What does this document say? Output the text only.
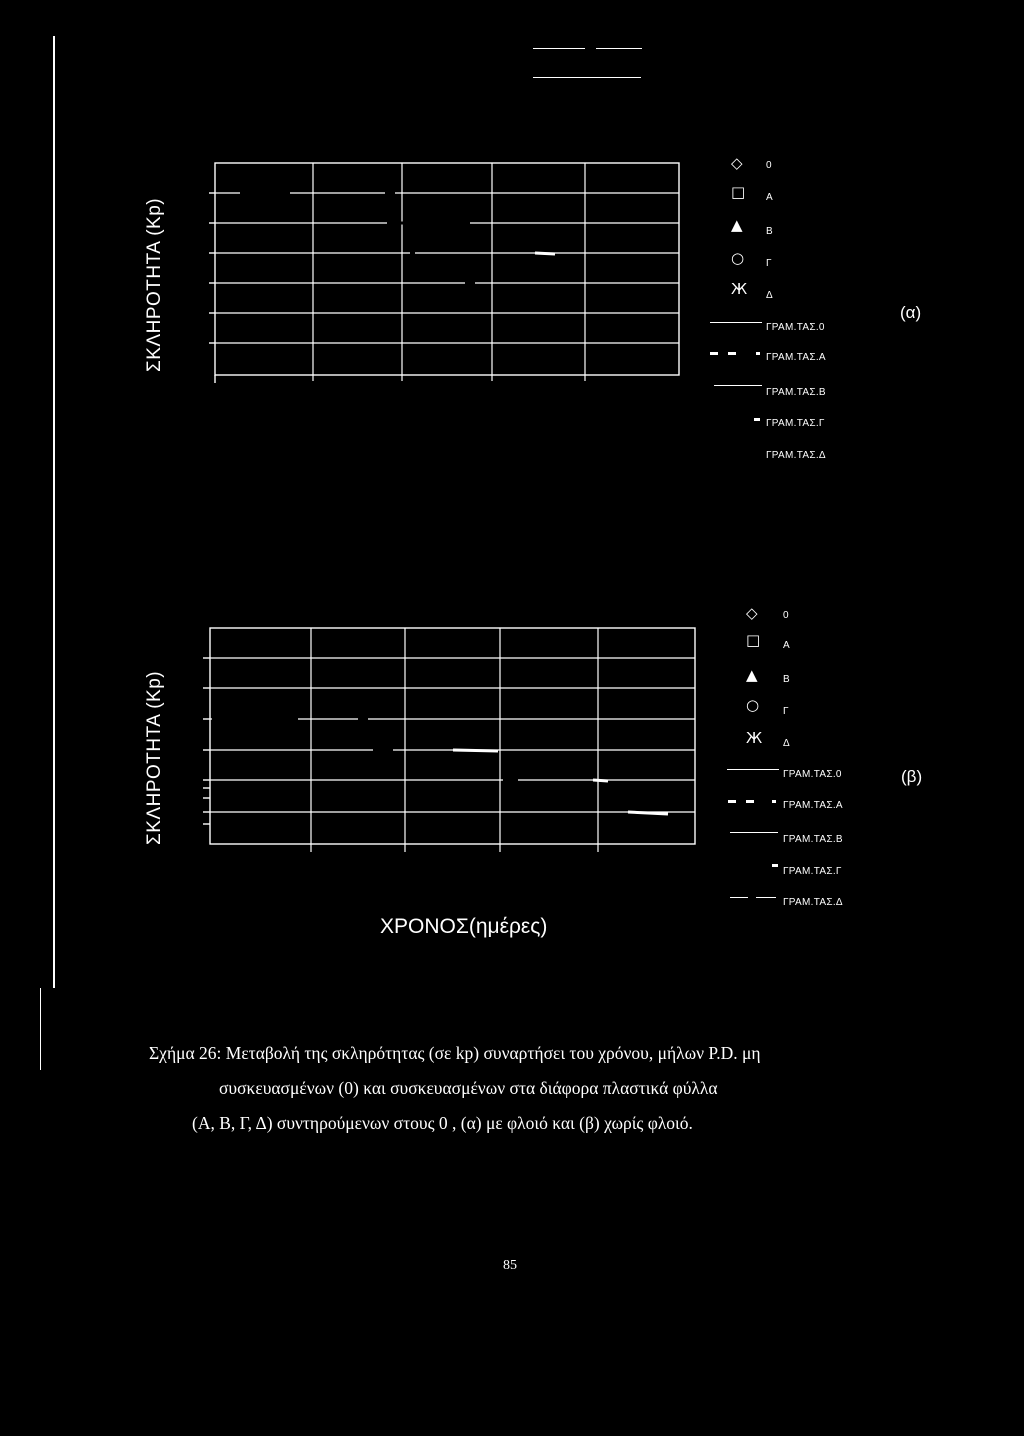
ΣΚΛΗΡΟΤΗΤΑ (Kp)	(α)
◇ 0
□ Α
▲ Β
○ Γ
Ж Δ
ΓΡΑΜ.ΤΑΣ.0
ΓΡΑΜ.ΤΑΣ.Α
ΓΡΑΜ.ΤΑΣ.Β
ΓΡΑΜ.ΤΑΣ.Γ
ΓΡΑΜ.ΤΑΣ.Δ
ΣΚΛΗΡΟΤΗΤΑ (Kp)	(β)
ΧΡΟΝΟΣ(ημέρες)
◇	0
□ Α
▲	Β
○ Γ
Ж Δ
ΓΡΑΜ.ΤΑΣ.0
ΓΡΑΜ.ΤΑΣ.Α
ΓΡΑΜ.ΤΑΣ.Β
ΓΡΑΜ.ΤΑΣ.Γ
ΓΡΑΜ.ΤΑΣ.Δ
Σχήμα 26: Μεταβολή της σκληρότητας (σε kp) συναρτήσει του χρόνου, μήλων P.D. μη
συσκευασμένων (0) και συσκευασμένων στα διάφορα πλαστικά φύλλα
(Α, Β, Γ, Δ) συντηρούμενων στους 0 , (α) με φλοιό και (β) χωρίς φλοιό.
85
